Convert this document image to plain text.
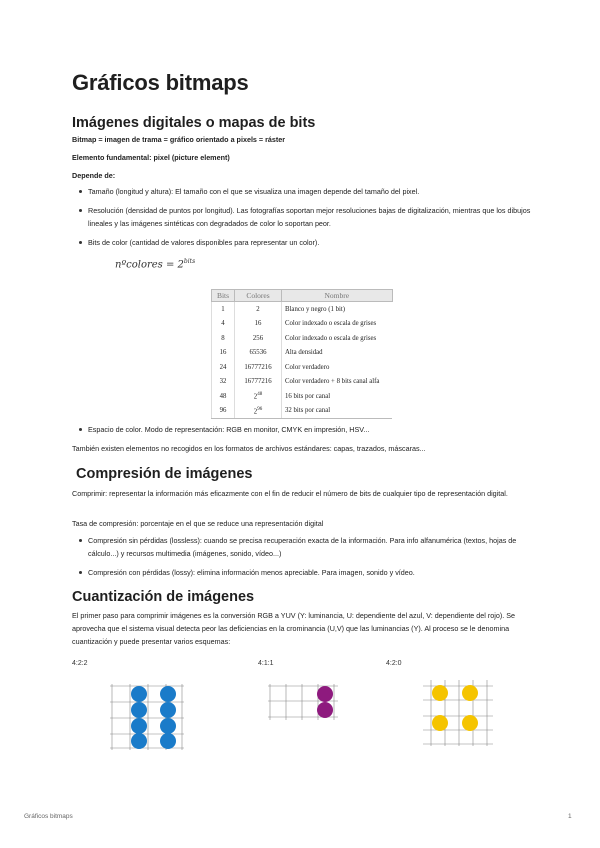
Gráficos bitmaps
Imágenes digitales o mapas de bits

Bitmap = imagen de trama = gráfico orientado a pixels = ráster

Elemento fundamental: pixel (picture element)

Depende de:

Tamaño (longitud y altura): El tamaño con el que se visualiza una imagen depende del tamaño del pixel.
Resolución (densidad de puntos por longitud). Las fotografías soportan mejor resoluciones bajas de digitalización, mientras que los dibujos lineales y las imágenes sintéticas con degradados de color lo soportan peor.
Bits de color (cantidad de valores disponibles para representar un color).
nºcolores = $2^{bits}$
Bits	Colores	Nombre
1	2	Blanco y negro (1 bit)
4	16	Color indexado o escala de grises
8	256	Color indexado o escala de grises
16	65536	Alta densidad
24	16777216	Color verdadero
32	16777216	Color verdadero + 8 bits canal alfa
48	$2^{48}$	16 bits por canal
96	$2^{96}$	32 bits por canal
Espacio de color. Modo de representación: RGB en monitor, CMYK en impresión, HSV...

También existen elementos no recogidos en los formatos de archivos estándares: capas, trazados, máscaras...

Compresión de imágenes

Comprimir: representar la información más eficazmente con el fin de reducir el número de bits de cualquier tipo de representación digital.

Tasa de compresión: porcentaje en el que se reduce una representación digital

Compresión sin pérdidas (lossless): cuando se precisa recuperación exacta de la información. Para info alfanumérica (textos, hojas de cálculo...) y recursos multimedia (imágenes, sonido, vídeo...)
Compresión con pérdidas (lossy): elimina información menos apreciable. Para imagen, sonido y vídeo.
Cuantización de imágenes

El primer paso para comprimir imágenes es la conversión RGB a YUV (Y: luminancia, U: dependiente del azul, V: dependiente del rojo). Se aprovecha que el sistema visual detecta peor las deficiencias en la crominancia (U,V) que las luminancias (Y). Al proceso se le denomina cuantización y puede presentar varios esquemas:

4:2:2	4:1:1	4:2:0
Gráficos bitmaps	1
